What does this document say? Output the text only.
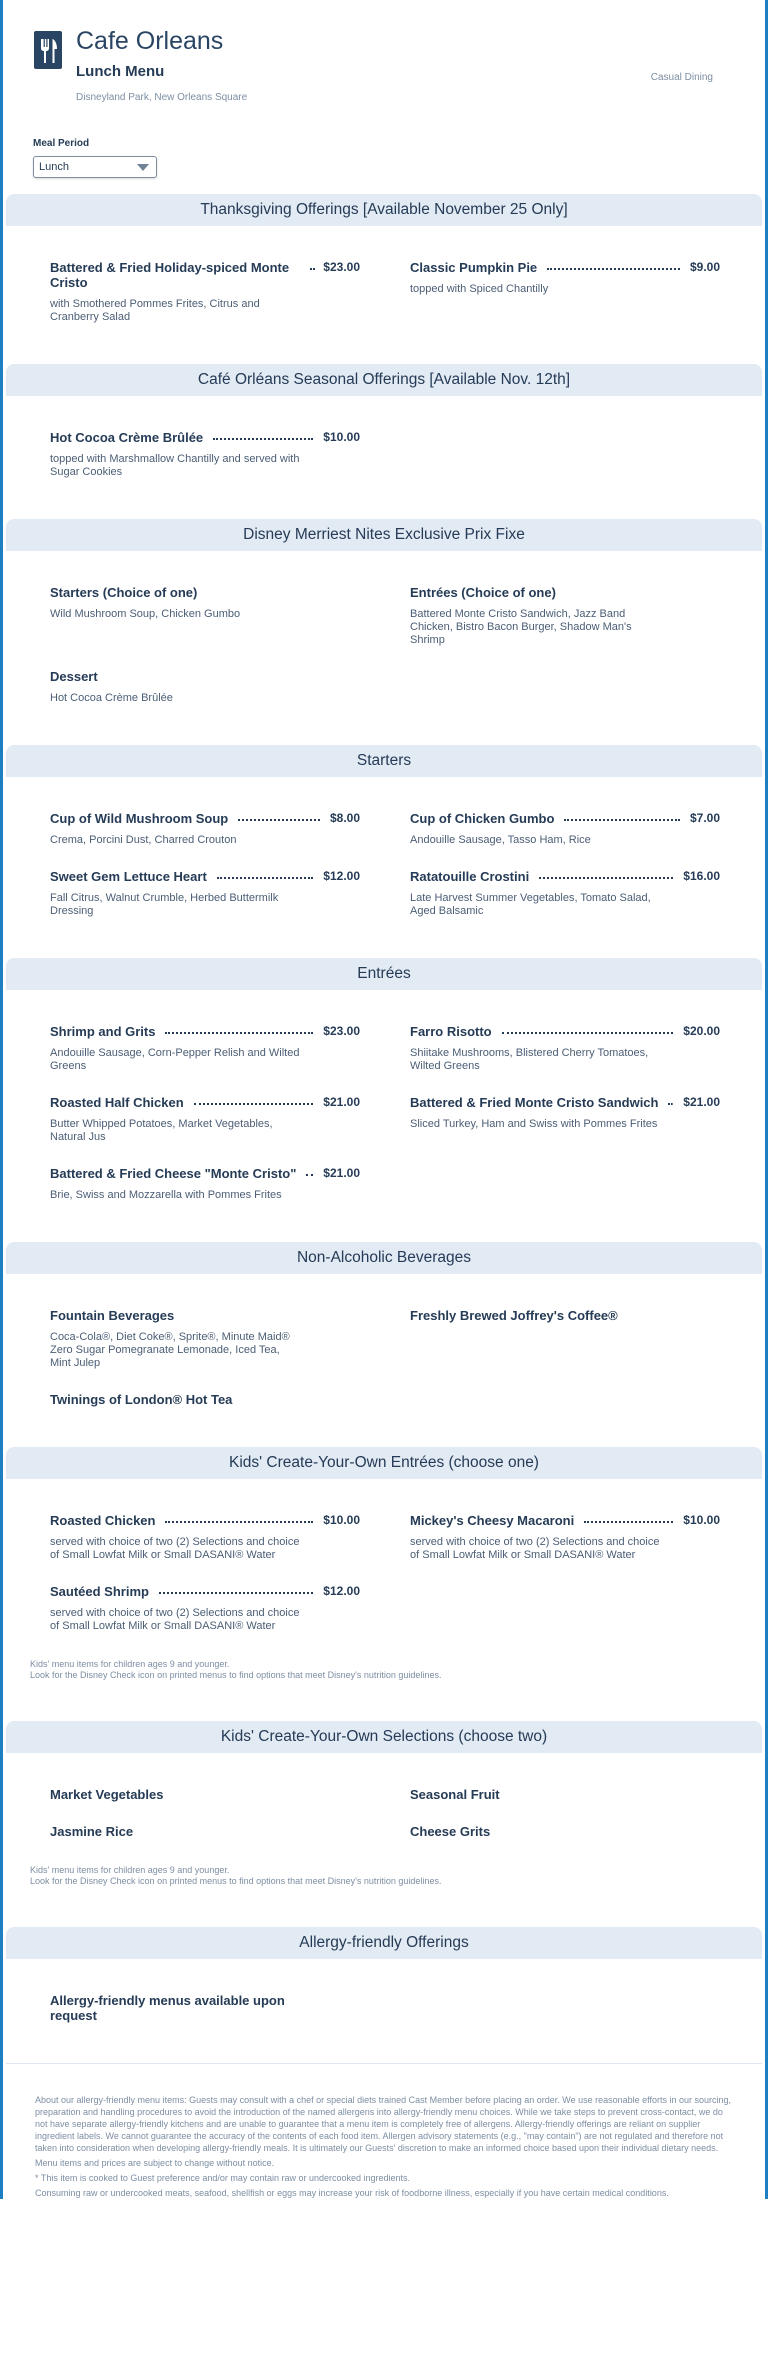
Cafe Orleans
Lunch Menu
Disneyland Park, New Orleans Square
Casual Dining
Meal Period
Lunch
Thanksgiving Offerings [Available November 25 Only]
Battered & Fried Holiday-spiced Monte Cristo
$23.00
with Smothered Pommes Frites, Citrus and Cranberry Salad
Classic Pumpkin Pie	$9.00
topped with Spiced Chantilly
Café Orléans Seasonal Offerings [Available Nov. 12th]
Hot Cocoa Crème Brûlée	$10.00
topped with Marshmallow Chantilly and served with Sugar Cookies
Disney Merriest Nites Exclusive Prix Fixe
Starters (Choice of one)
Wild Mushroom Soup, Chicken Gumbo
Entrées (Choice of one)
Battered Monte Cristo Sandwich, Jazz Band Chicken, Bistro Bacon Burger, Shadow Man's Shrimp
Dessert
Hot Cocoa Crème Brûlée
Starters
Cup of Wild Mushroom Soup	$8.00
Crema, Porcini Dust, Charred Crouton
Cup of Chicken Gumbo	$7.00
Andouille Sausage, Tasso Ham, Rice
Sweet Gem Lettuce Heart	$12.00
Fall Citrus, Walnut Crumble, Herbed Buttermilk Dressing
Ratatouille Crostini	$16.00
Late Harvest Summer Vegetables, Tomato Salad, Aged Balsamic
Entrées
Shrimp and Grits	$23.00
Andouille Sausage, Corn-Pepper Relish and Wilted Greens
Farro Risotto	$20.00
Shiitake Mushrooms, Blistered Cherry Tomatoes, Wilted Greens
Roasted Half Chicken	$21.00
Butter Whipped Potatoes, Market Vegetables, Natural Jus
Battered & Fried Monte Cristo Sandwich $21.00
Sliced Turkey, Ham and Swiss with Pommes Frites
Battered & Fried Cheese "Monte Cristo" $21.00
Brie, Swiss and Mozzarella with Pommes Frites
Non-Alcoholic Beverages
Fountain Beverages
Coca-Cola®, Diet Coke®, Sprite®, Minute Maid® Zero Sugar Pomegranate Lemonade, Iced Tea, Mint Julep
Freshly Brewed Joffrey's Coffee®
Twinings of London® Hot Tea
Kids' Create-Your-Own Entrées (choose one)
Roasted Chicken	$10.00
served with choice of two (2) Selections and choice of Small Lowfat Milk or Small DASANI® Water
Mickey's Cheesy Macaroni	$10.00
served with choice of two (2) Selections and choice of Small Lowfat Milk or Small DASANI® Water
Sautéed Shrimp	$12.00
served with choice of two (2) Selections and choice of Small Lowfat Milk or Small DASANI® Water
Kids' menu items for children ages 9 and younger.
Look for the Disney Check icon on printed menus to find options that meet Disney's nutrition guidelines.
Kids' Create-Your-Own Selections (choose two)
Market Vegetables	Seasonal Fruit
Jasmine Rice	Cheese Grits
Kids' menu items for children ages 9 and younger.
Look for the Disney Check icon on printed menus to find options that meet Disney's nutrition guidelines.
Allergy-friendly Offerings
Allergy-friendly menus available upon request

About our allergy-friendly menu items: Guests may consult with a chef or special diets trained Cast Member before placing an order. We use reasonable efforts in our sourcing, preparation and handling procedures to avoid the introduction of the named allergens into allergy-friendly menu choices. While we take steps to prevent cross-contact, we do not have separate allergy-friendly kitchens and are unable to guarantee that a menu item is completely free of allergens. Allergy-friendly offerings are reliant on supplier ingredient labels. We cannot guarantee the accuracy of the contents of each food item. Allergen advisory statements (e.g., "may contain") are not regulated and therefore not taken into consideration when developing allergy-friendly meals. It is ultimately our Guests' discretion to make an informed choice based upon their individual dietary needs.

Menu items and prices are subject to change without notice.

* This item is cooked to Guest preference and/or may contain raw or undercooked ingredients.

Consuming raw or undercooked meats, seafood, shellfish or eggs may increase your risk of foodborne illness, especially if you have certain medical conditions.
